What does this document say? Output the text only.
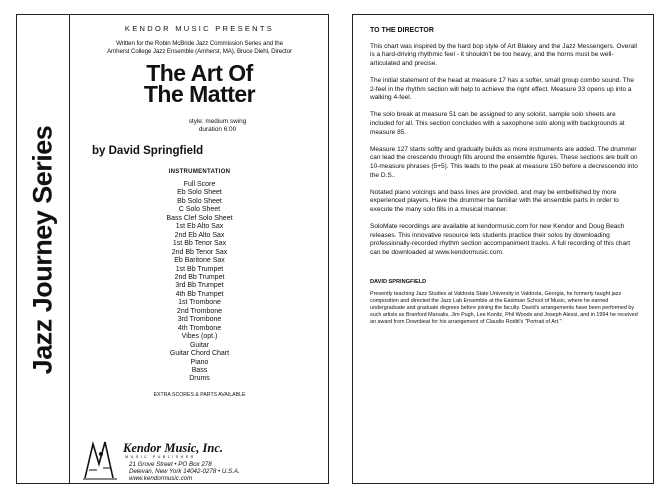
Jazz Journey Series
KENDOR MUSIC PRESENTS
Written for the Robin McBride Jazz Commission Series and the
Amherst College Jazz Ensemble (Amherst, MA), Bruce Diehl, Director
The Art Of
The Matter
style: medium swing
duration 6:00
by David Springfield
INSTRUMENTATION
Full Score
Eb Solo Sheet
Bb Solo Sheet
C Solo Sheet
Bass Clef Solo Sheet
1st Eb Alto Sax
2nd Eb Alto Sax
1st Bb Tenor Sax
2nd Bb Tenor Sax
Eb Baritone Sax
1st Bb Trumpet
2nd Bb Trumpet
3rd Bb Trumpet
4th Bb Trumpet
1st Trombone
2nd Trombone
3rd Trombone
4th Trombone
Vibes (opt.)
Guitar
Guitar Chord Chart
Piano
Bass
Drums
EXTRA SCORES & PARTS AVAILABLE
Kendor Music, Inc.
MUSIC PUBLISHER
21 Grove Street • PO Box 278
Delevan, New York 14042-0278 • U.S.A.
www.kendormusic.com
TO THE DIRECTOR
This chart was inspired by the hard bop style of Art Blakey and the Jazz Messengers. Overall is a hard-driving rhythmic feel - it shouldn't be too heavy, and the horns must be well-articulated and precise.
The initial statement of the head at measure 17 has a softer, small group combo sound. The 2-feel in the rhythm section will help to achieve the right effect. Measure 33 opens up into a walking 4-feel.
The solo break at measure 51 can be assigned to any soloist, sample solo sheets are included for all. This section concludes with a saxophone solo along with backgrounds at measure 85.
Measure 127 starts softly and gradually builds as more instruments are added. The drummer can lead the crescendo through fills around the ensemble figures. These sections are built on 10-measure phrases (5+5). This leads to the peak at measure 150 before a decrescendo into the D.S..
Notated piano voicings and bass lines are provided, and may be embellished by more experienced players. Have the drummer be familiar with the ensemble parts in order to execute the many solo fills in a musical manner.
SoloMate recordings are available at kendormusic.com for new Kendor and Doug Beach releases. This innovative resource lets students practice their solos by downloading professionally-recorded rhythm section accompaniment tracks. A full recording of this chart can be downloaded at www.kendormusic.com.
DAVID SPRINGFIELD
Presently teaching Jazz Studies at Valdosta State University in Valdosta, Georgia, he formerly taught jazz composition and directed the Jazz Lab Ensemble at the Eastman School of Music, where he earned undergraduate and graduate degrees before joining the faculty. David's arrangements have been performed by such artists as Branford Marsalis, Jim Pugh, Lee Konitz, Phil Woods and Joseph Alessi, and in 1994 he received an award from Downbeat for his arrangement of Claudio Roditi's "Portrait of Art."
